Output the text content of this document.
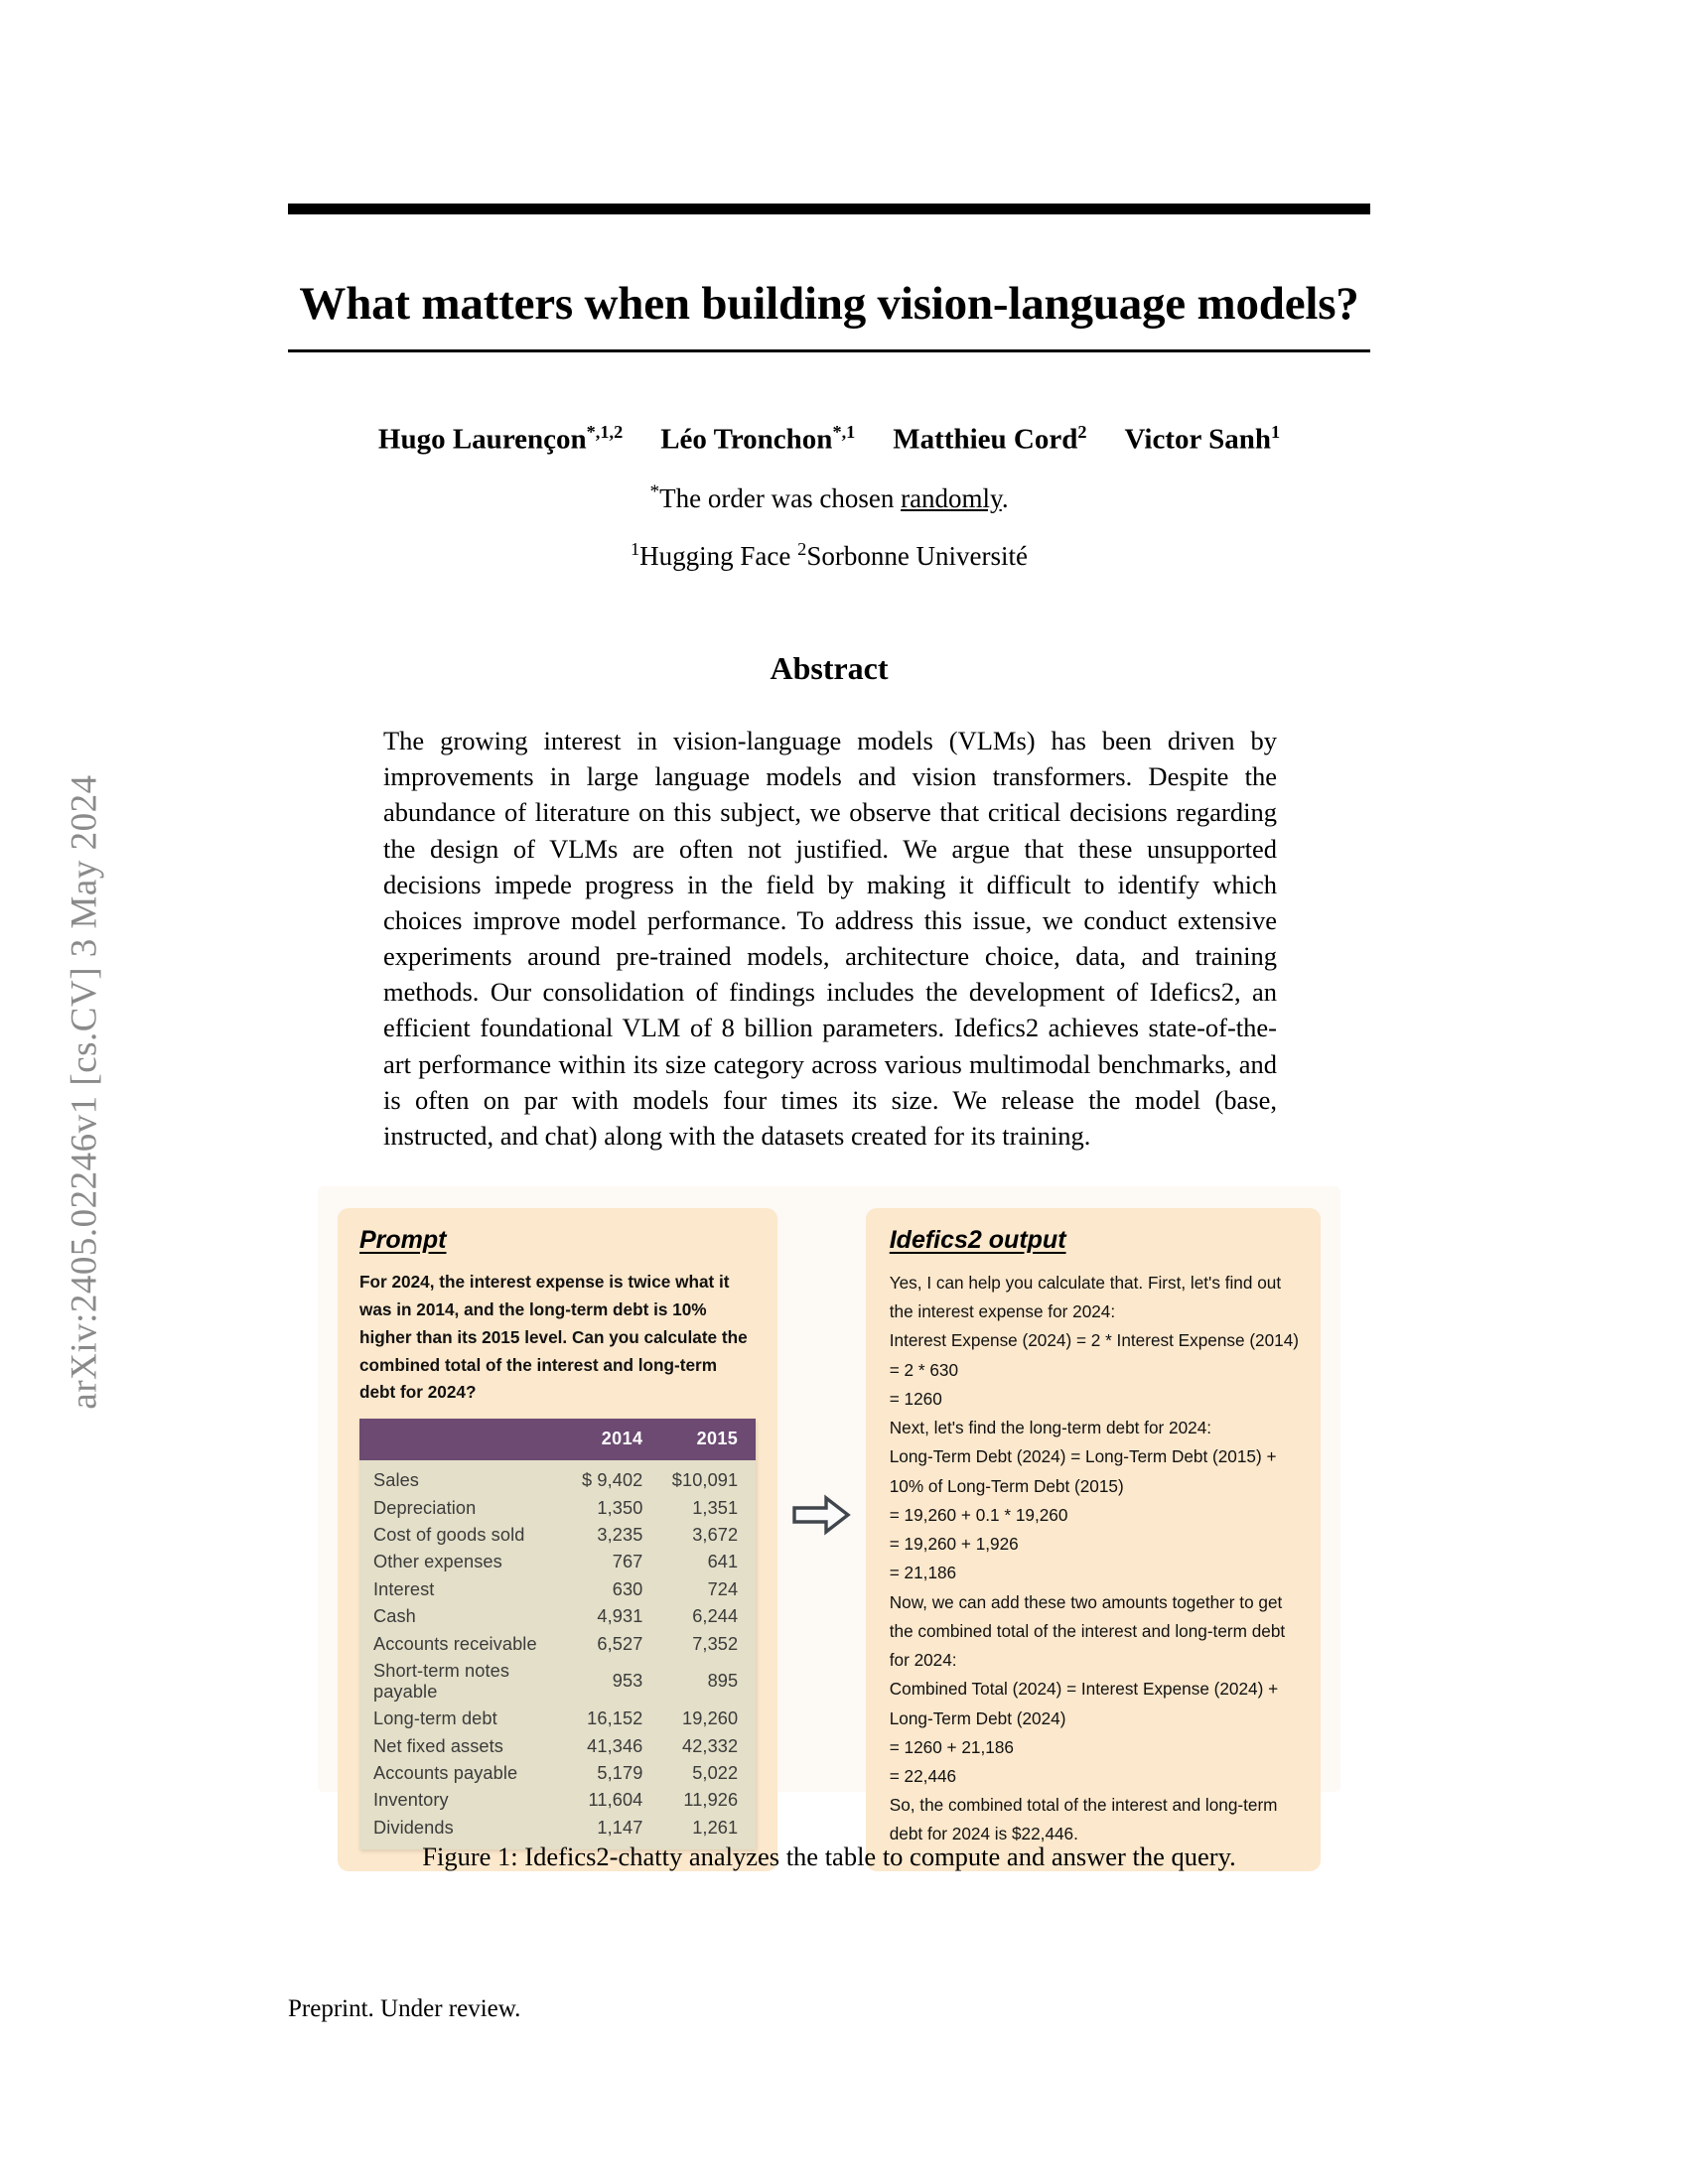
arXiv:2405.02246v1 [cs.CV] 3 May 2024
What matters when building vision-language models?
Hugo Laurençon$^{*,1,2}$ Léo Tronchon$^{*,1}$ Matthieu Cord$^2$ Victor Sanh$^1$
*The order was chosen randomly.
$^1$Hugging Face $^2$Sorbonne Université
Abstract
The growing interest in vision-language models (VLMs) has been driven by improvements in large language models and vision transformers. Despite the abundance of literature on this subject, we observe that critical decisions regarding the design of VLMs are often not justified. We argue that these unsupported decisions impede progress in the field by making it difficult to identify which choices improve model performance. To address this issue, we conduct extensive experiments around pre-trained models, architecture choice, data, and training methods. Our consolidation of findings includes the development of Idefics2, an efficient foundational VLM of 8 billion parameters. Idefics2 achieves state-of-the-art performance within its size category across various multimodal benchmarks, and is often on par with models four times its size. We release the model (base, instructed, and chat) along with the datasets created for its training.
Prompt
For 2024, the interest expense is twice what it was in 2014, and the long-term debt is 10% higher than its 2015 level. Can you calculate the combined total of the interest and long-term debt for 2024?
	2014	2015
Sales	$ 9,402	$10,091
Depreciation	1,350	1,351
Cost of goods sold	3,235	3,672
Other expenses	767	641
Interest	630	724
Cash	4,931	6,244
Accounts receivable	6,527	7,352
Short-term notes payable	953	895
Long-term debt	16,152	19,260
Net fixed assets	41,346	42,332
Accounts payable	5,179	5,022
Inventory	11,604	11,926
Dividends	1,147	1,261
Idefics2 output
Yes, I can help you calculate that. First, let's find out
the interest expense for 2024:
Interest Expense (2024) = 2 * Interest Expense (2014)
= 2 * 630
= 1260
Next, let's find the long-term debt for 2024:
Long-Term Debt (2024) = Long-Term Debt (2015) +
10% of Long-Term Debt (2015)
= 19,260 + 0.1 * 19,260
= 19,260 + 1,926
= 21,186
Now, we can add these two amounts together to get
the combined total of the interest and long-term debt
for 2024:
Combined Total (2024) = Interest Expense (2024) +
Long-Term Debt (2024)
= 1260 + 21,186
= 22,446
So, the combined total of the interest and long-term
debt for 2024 is $22,446.
Figure 1: Idefics2-chatty analyzes the table to compute and answer the query.
Preprint. Under review.
